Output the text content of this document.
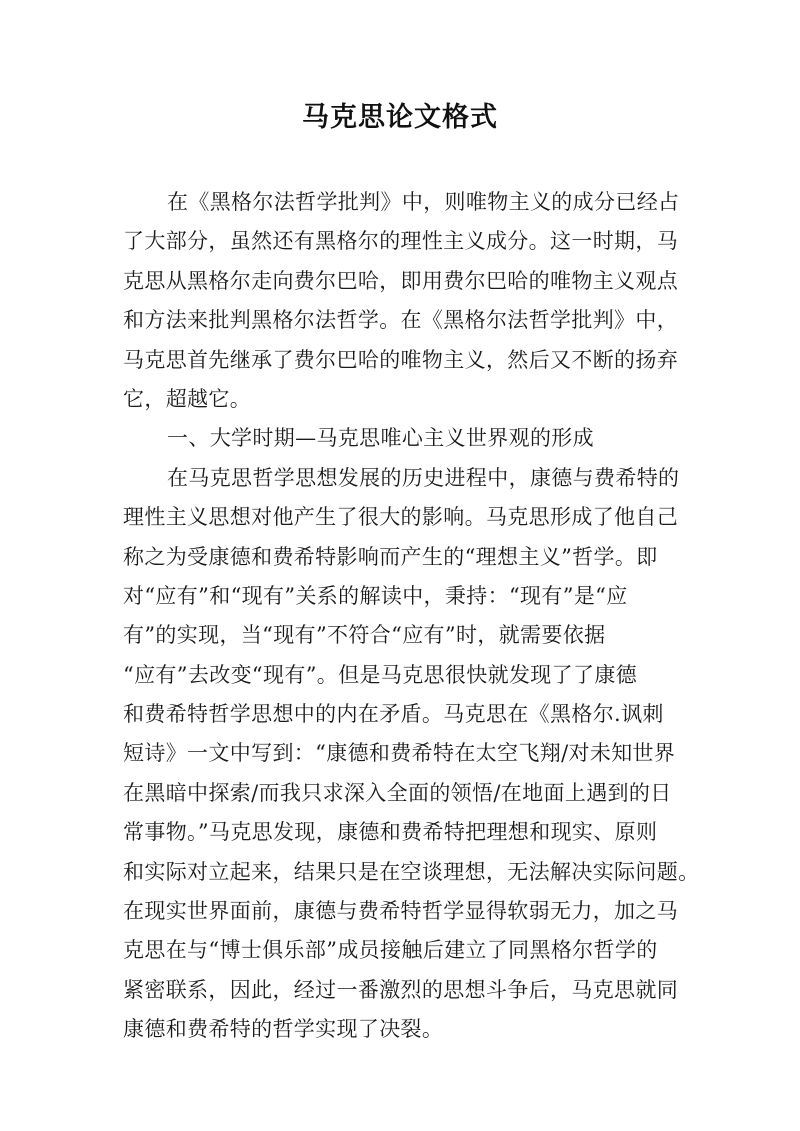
马克思论文格式
在《黑格尔法哲学批判》中，则唯物主义的成分已经占
了大部分，虽然还有黑格尔的理性主义成分。这一时期，马
克思从黑格尔走向费尔巴哈，即用费尔巴哈的唯物主义观点
和方法来批判黑格尔法哲学。在《黑格尔法哲学批判》中，
马克思首先继承了费尔巴哈的唯物主义，然后又不断的扬弃
它，超越它。
一、大学时期—马克思唯心主义世界观的形成
在马克思哲学思想发展的历史进程中，康德与费希特的
理性主义思想对他产生了很大的影响。马克思形成了他自己
称之为受康德和费希特影响而产生的“理想主义”哲学。即
对“应有”和“现有”关系的解读中，秉持：“现有”是“应
有”的实现，当“现有”不符合“应有”时，就需要依据
“应有”去改变“现有”。但是马克思很快就发现了了康德
和费希特哲学思想中的内在矛盾。马克思在《黑格尔.讽刺
短诗》一文中写到：“康德和费希特在太空飞翔/对未知世界
在黑暗中探索/而我只求深入全面的领悟/在地面上遇到的日
常事物。”马克思发现，康德和费希特把理想和现实、原则
和实际对立起来，结果只是在空谈理想，无法解决实际问题。
在现实世界面前，康德与费希特哲学显得软弱无力，加之马
克思在与“博士俱乐部”成员接触后建立了同黑格尔哲学的
紧密联系，因此，经过一番激烈的思想斗争后，马克思就同
康德和费希特的哲学实现了决裂。
